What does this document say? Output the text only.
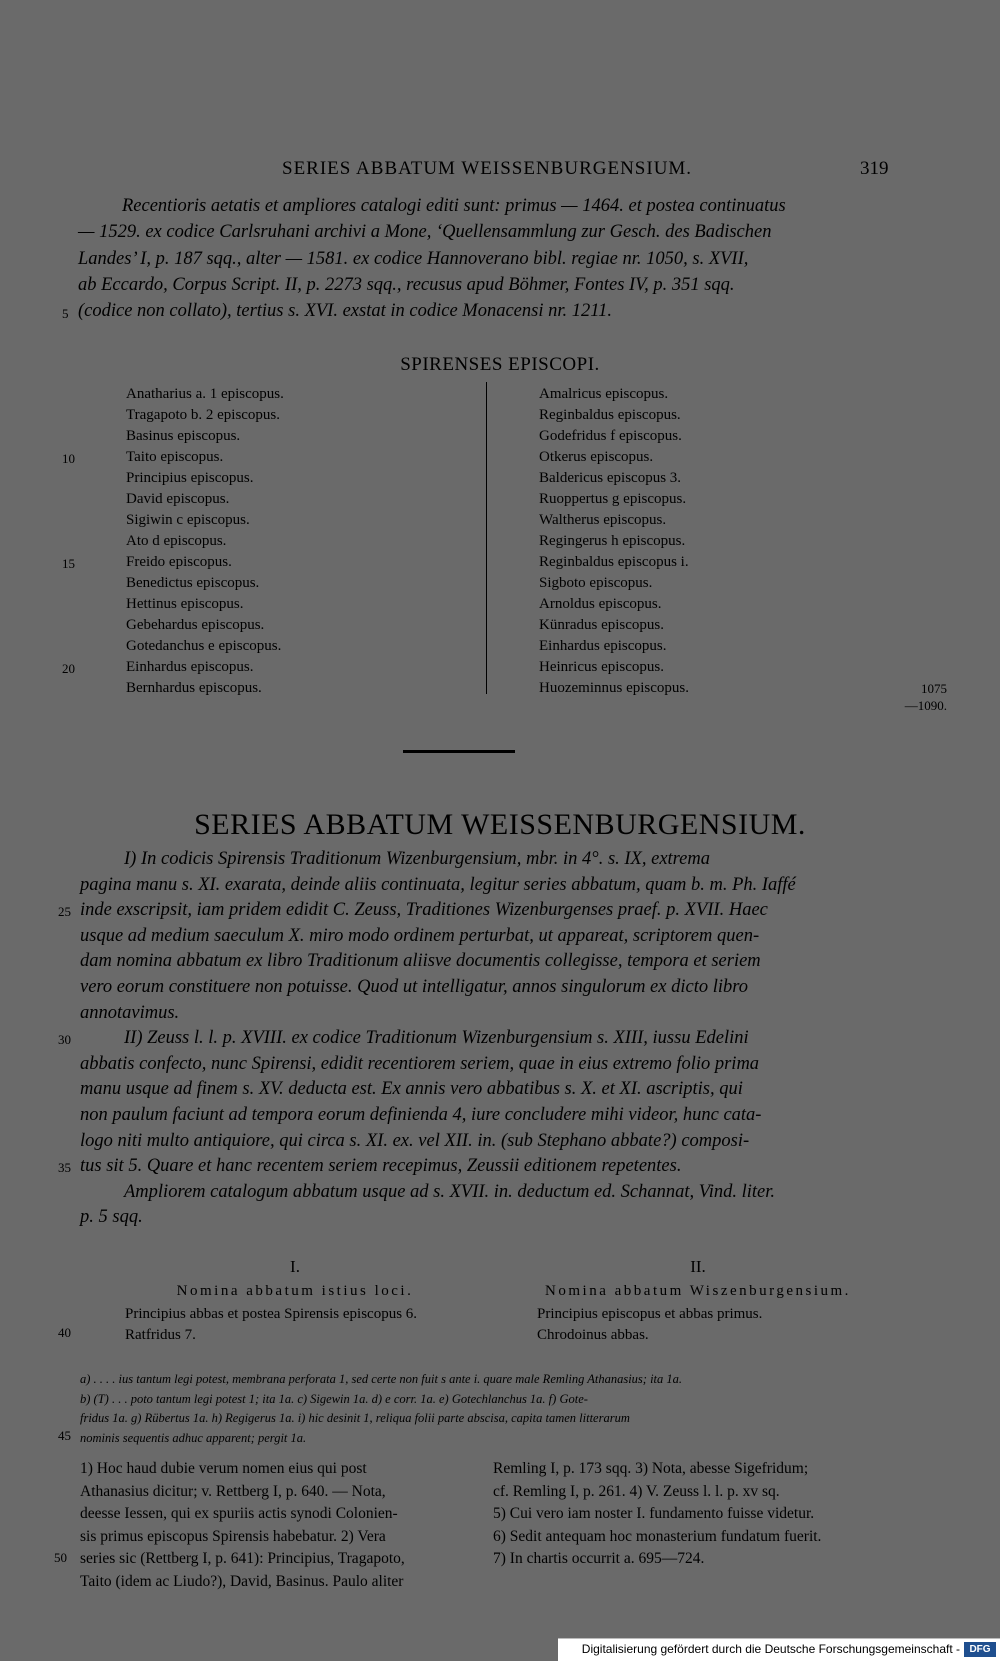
SERIES ABBATUM WEISSENBURGENSIUM.	319
Recentioris aetatis et ampliores catalogi editi sunt: primus — 1464. et postea continuatus
— 1529. ex codice Carlsruhani archivi a Mone, ‘Quellensammlung zur Gesch. des Badischen
Landes’ I, p. 187 sqq., alter — 1581. ex codice Hannoverano bibl. regiae nr. 1050, s. XVII,
ab Eccardo, Corpus Script. II, p. 2273 sqq., recusus apud Böhmer, Fontes IV, p. 351 sqq.
(codice non collato), tertius s. XVI. exstat in codice Monacensi nr. 1211.
5
SPIRENSES EPISCOPI.
Anatharius a. 1 episcopus.
Tragapoto b. 2 episcopus.
Basinus episcopus.
Taito episcopus.
Principius episcopus.
David episcopus.
Sigiwin c episcopus.
Ato d episcopus.
Freido episcopus.
Benedictus episcopus.
Hettinus episcopus.
Gebehardus episcopus.
Gotedanchus e episcopus.
Einhardus episcopus.
Bernhardus episcopus.
10
15
20
Amalricus episcopus.
Reginbaldus episcopus.
Godefridus f episcopus.
Otkerus episcopus.
Baldericus episcopus 3.
Ruoppertus g episcopus.
Waltherus episcopus.
Regingerus h episcopus.
Reginbaldus episcopus i.
Sigboto episcopus.
Arnoldus episcopus.
Künradus episcopus.
Einhardus episcopus.
Heinricus episcopus.
Huozeminnus episcopus.	1075
—1090.
SERIES ABBATUM WEISSENBURGENSIUM.
I) In codicis Spirensis Traditionum Wizenburgensium, mbr. in 4°. s. IX, extrema
pagina manu s. XI. exarata, deinde aliis continuata, legitur series abbatum, quam b. m. Ph. Iaffé
inde exscripsit, iam pridem edidit C. Zeuss, Traditiones Wizenburgenses praef. p. XVII. Haec
usque ad medium saeculum X. miro modo ordinem perturbat, ut appareat, scriptorem quen-
dam nomina abbatum ex libro Traditionum aliisve documentis collegisse, tempora et seriem
vero eorum constituere non potuisse. Quod ut intelligatur, annos singulorum ex dicto libro
annotavimus.
II) Zeuss l. l. p. XVIII. ex codice Traditionum Wizenburgensium s. XIII, iussu Edelini
abbatis confecto, nunc Spirensi, edidit recentiorem seriem, quae in eius extremo folio prima
manu usque ad finem s. XV. deducta est. Ex annis vero abbatibus s. X. et XI. ascriptis, qui
non paulum faciunt ad tempora eorum definienda 4, iure concludere mihi videor, hunc cata-
logo niti multo antiquiore, qui circa s. XI. ex. vel XII. in. (sub Stephano abbate?) composi-
tus sit 5. Quare et hanc recentem seriem recepimus, Zeussii editionem repetentes.
Ampliorem catalogum abbatum usque ad s. XVII. in. deductum ed. Schannat, Vind. liter.
p. 5 sqq.
25
30
35
I.
Nomina abbatum istius loci.
Principius abbas et postea Spirensis episcopus 6.
Ratfridus 7.
II.
Nomina abbatum Wiszenburgensium.
Principius episcopus et abbas primus.
Chrodoinus abbas.
40
a) . . . . ius tantum legi potest, membrana perforata 1, sed certe non fuit s ante i. quare male Remling Athanasius; ita 1a.
b) (T) . . . poto tantum legi potest 1; ita 1a. c) Sigewin 1a. d) e corr. 1a. e) Gotechlanchus 1a. f) Gote-
fridus 1a. g) Rübertus 1a. h) Regigerus 1a. i) hic desinit 1, reliqua folii parte abscisa, capita tamen litterarum
nominis sequentis adhuc apparent; pergit 1a.
45
1) Hoc haud dubie verum nomen eius qui post
Athanasius dicitur; v. Rettberg I, p. 640. — Nota,
deesse Iessen, qui ex spuriis actis synodi Colonien-
sis primus episcopus Spirensis habebatur. 2) Vera
series sic (Rettberg I, p. 641): Principius, Tragapoto,
Taito (idem ac Liudo?), David, Basinus. Paulo aliter
Remling I, p. 173 sqq. 3) Nota, abesse Sigefridum;
cf. Remling I, p. 261. 4) V. Zeuss l. l. p. xv sq.
5) Cui vero iam noster I. fundamento fuisse videtur.
6) Sedit antequam hoc monasterium fundatum fuerit.
7) In chartis occurrit a. 695—724.
50
Digitalisierung gefördert durch die Deutsche Forschungsgemeinschaft - DFG
